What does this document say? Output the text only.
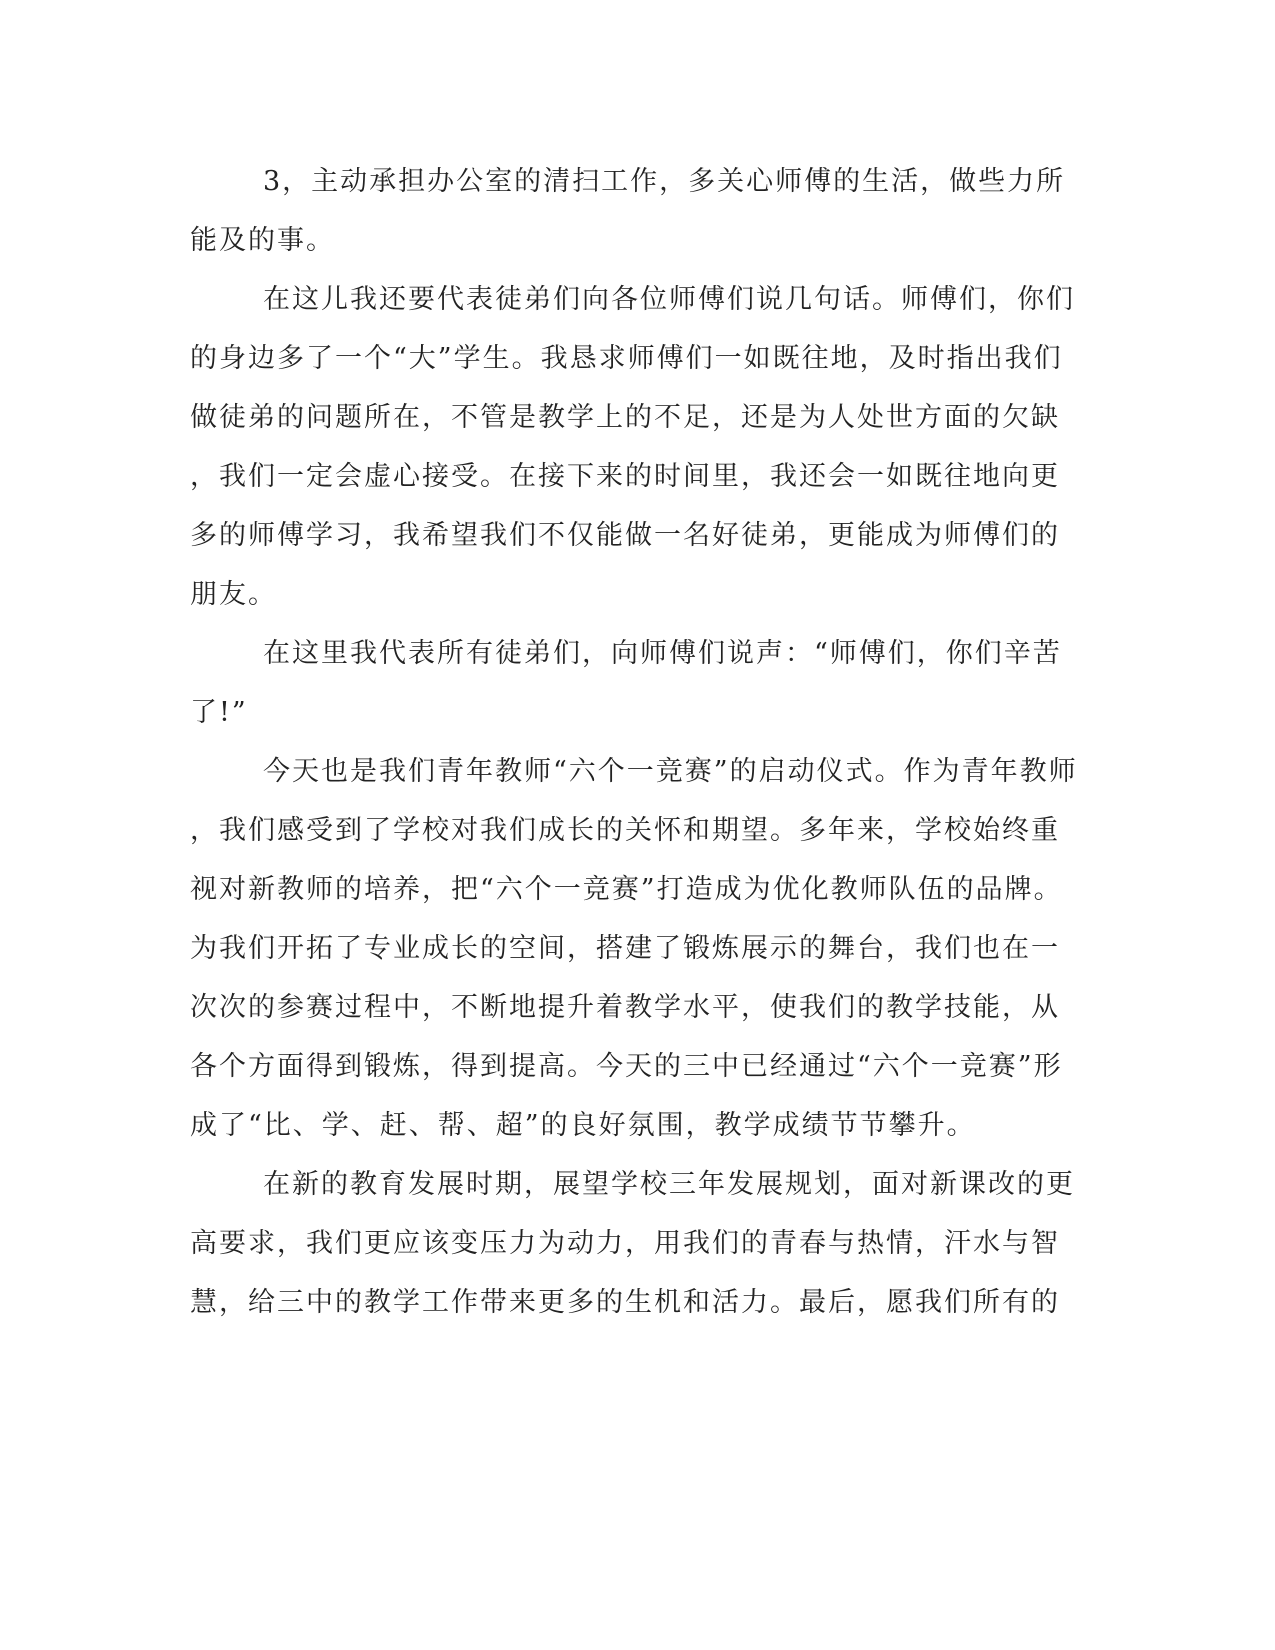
3，主动承担办公室的清扫工作，多关心师傅的生活，做些力所
能及的事。
在这儿我还要代表徒弟们向各位师傅们说几句话。师傅们，你们
的身边多了一个“大”学生。我恳求师傅们一如既往地，及时指出我们
做徒弟的问题所在，不管是教学上的不足，还是为人处世方面的欠缺
，我们一定会虚心接受。在接下来的时间里，我还会一如既往地向更
多的师傅学习，我希望我们不仅能做一名好徒弟，更能成为师傅们的
朋友。
在这里我代表所有徒弟们，向师傅们说声：“师傅们，你们辛苦
了!”
今天也是我们青年教师“六个一竞赛”的启动仪式。作为青年教师
，我们感受到了学校对我们成长的关怀和期望。多年来，学校始终重
视对新教师的培养，把“六个一竞赛”打造成为优化教师队伍的品牌。
为我们开拓了专业成长的空间，搭建了锻炼展示的舞台，我们也在一
次次的参赛过程中，不断地提升着教学水平，使我们的教学技能，从
各个方面得到锻炼，得到提高。今天的三中已经通过“六个一竞赛”形
成了“比、学、赶、帮、超”的良好氛围，教学成绩节节攀升。
在新的教育发展时期，展望学校三年发展规划，面对新课改的更
高要求，我们更应该变压力为动力，用我们的青春与热情，汗水与智
慧，给三中的教学工作带来更多的生机和活力。最后，愿我们所有的
